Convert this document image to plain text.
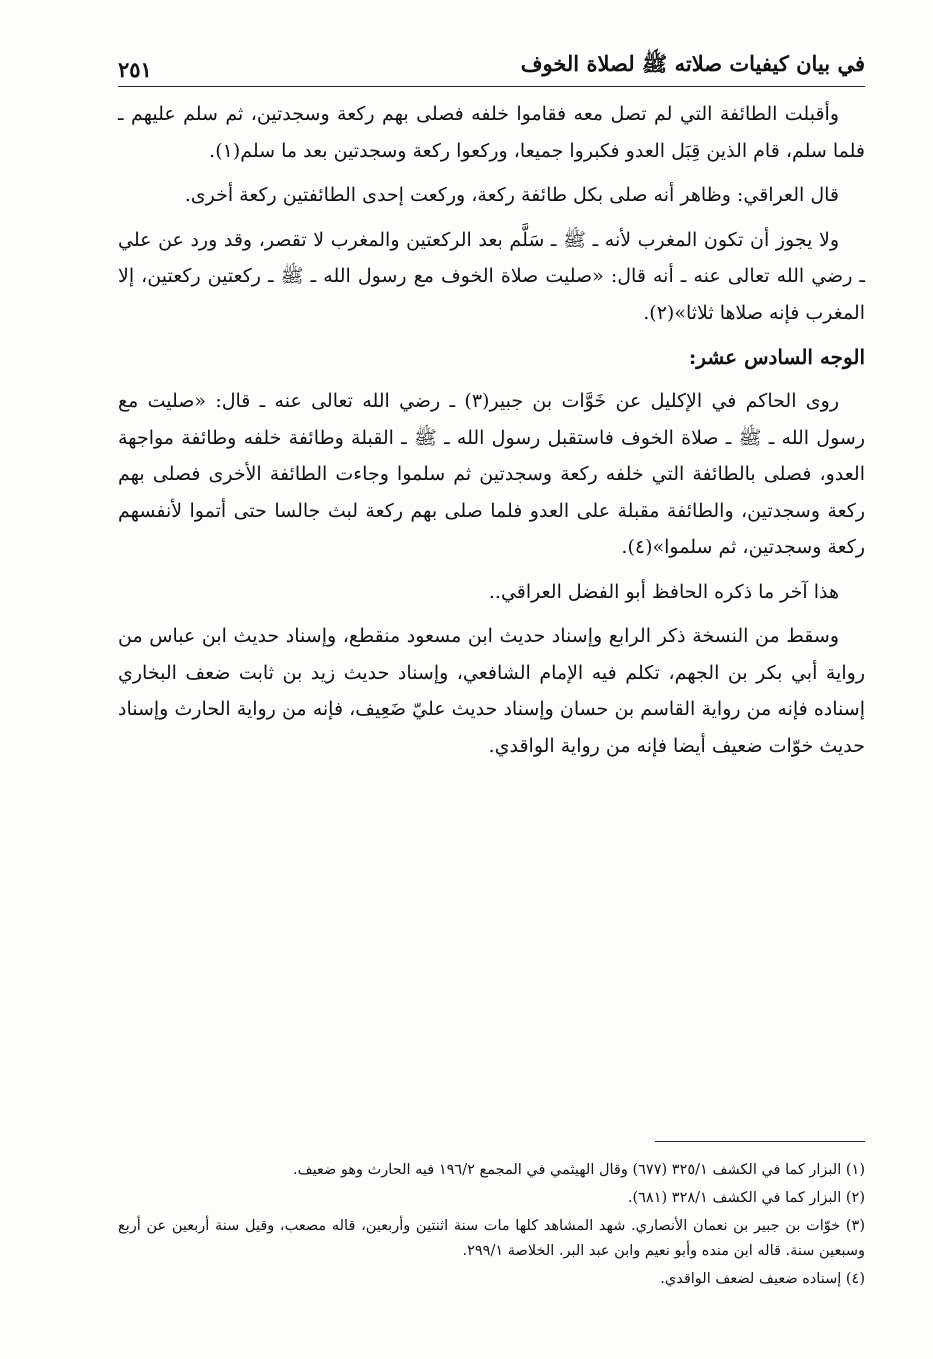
في بيان كيفيات صلاته ﷺ لصلاة الخوف
٢٥١

وأقبلت الطائفة التي لم تصل معه فقاموا خلفه فصلى بهم ركعة وسجدتين، ثم سلم عليهم ـ فلما سلم، قام الذين قِبَل العدو فكبروا جميعا، وركعوا ركعة وسجدتين بعد ما سلم(١).

قال العراقي: وظاهر أنه صلى بكل طائفة ركعة، وركعت إحدى الطائفتين ركعة أخرى.

ولا يجوز أن تكون المغرب لأنه ـ ﷺ ـ سَلَّم بعد الركعتين والمغرب لا تقصر، وقد ورد عن علي ـ رضي الله تعالى عنه ـ أنه قال: «صليت صلاة الخوف مع رسول الله ـ ﷺ ـ ركعتين ركعتين، إلا المغرب فإنه صلاها ثلاثا»(٢).

الوجه السادس عشر:

روى الحاكم في الإكليل عن خَوَّات بن جبير(٣) ـ رضي الله تعالى عنه ـ قال: «صليت مع رسول الله ـ ﷺ ـ صلاة الخوف فاستقبل رسول الله ـ ﷺ ـ القبلة وطائفة خلفه وطائفة مواجهة العدو، فصلى بالطائفة التي خلفه ركعة وسجدتين ثم سلموا وجاءت الطائفة الأخرى فصلى بهم ركعة وسجدتين، والطائفة مقبلة على العدو فلما صلى بهم ركعة لبث جالسا حتى أتموا لأنفسهم ركعة وسجدتين، ثم سلموا»(٤).

هذا آخر ما ذكره الحافظ أبو الفضل العراقي..

وسقط من النسخة ذكر الرابع وإسناد حديث ابن مسعود منقطع، وإسناد حديث ابن عباس من رواية أبي بكر بن الجهم، تكلم فيه الإمام الشافعي، وإسناد حديث زيد بن ثابت ضعف البخاري إسناده فإنه من رواية القاسم بن حسان وإسناد حديث عليّ ضَعِيف، فإنه من رواية الحارث وإسناد حديث خوّات ضعيف أيضا فإنه من رواية الواقدي.

(١) البزار كما في الكشف ٣٢٥/١ (٦٧٧) وقال الهيثمي في المجمع ١٩٦/٢ فيه الحارث وهو ضعيف.

(٢) البزار كما في الكشف ٣٢٨/١ (٦٨١).

(٣) خوّات بن جبير بن نعمان الأنصاري. شهد المشاهد كلها مات سنة اثنتين وأربعين، قاله مصعب، وقيل سنة أربعين عن أربع وسبعين سنة. قاله ابن منده وأبو نعيم وابن عبد البر. الخلاصة ٢٩٩/١.

(٤) إسناده ضعيف لضعف الواقدي.
